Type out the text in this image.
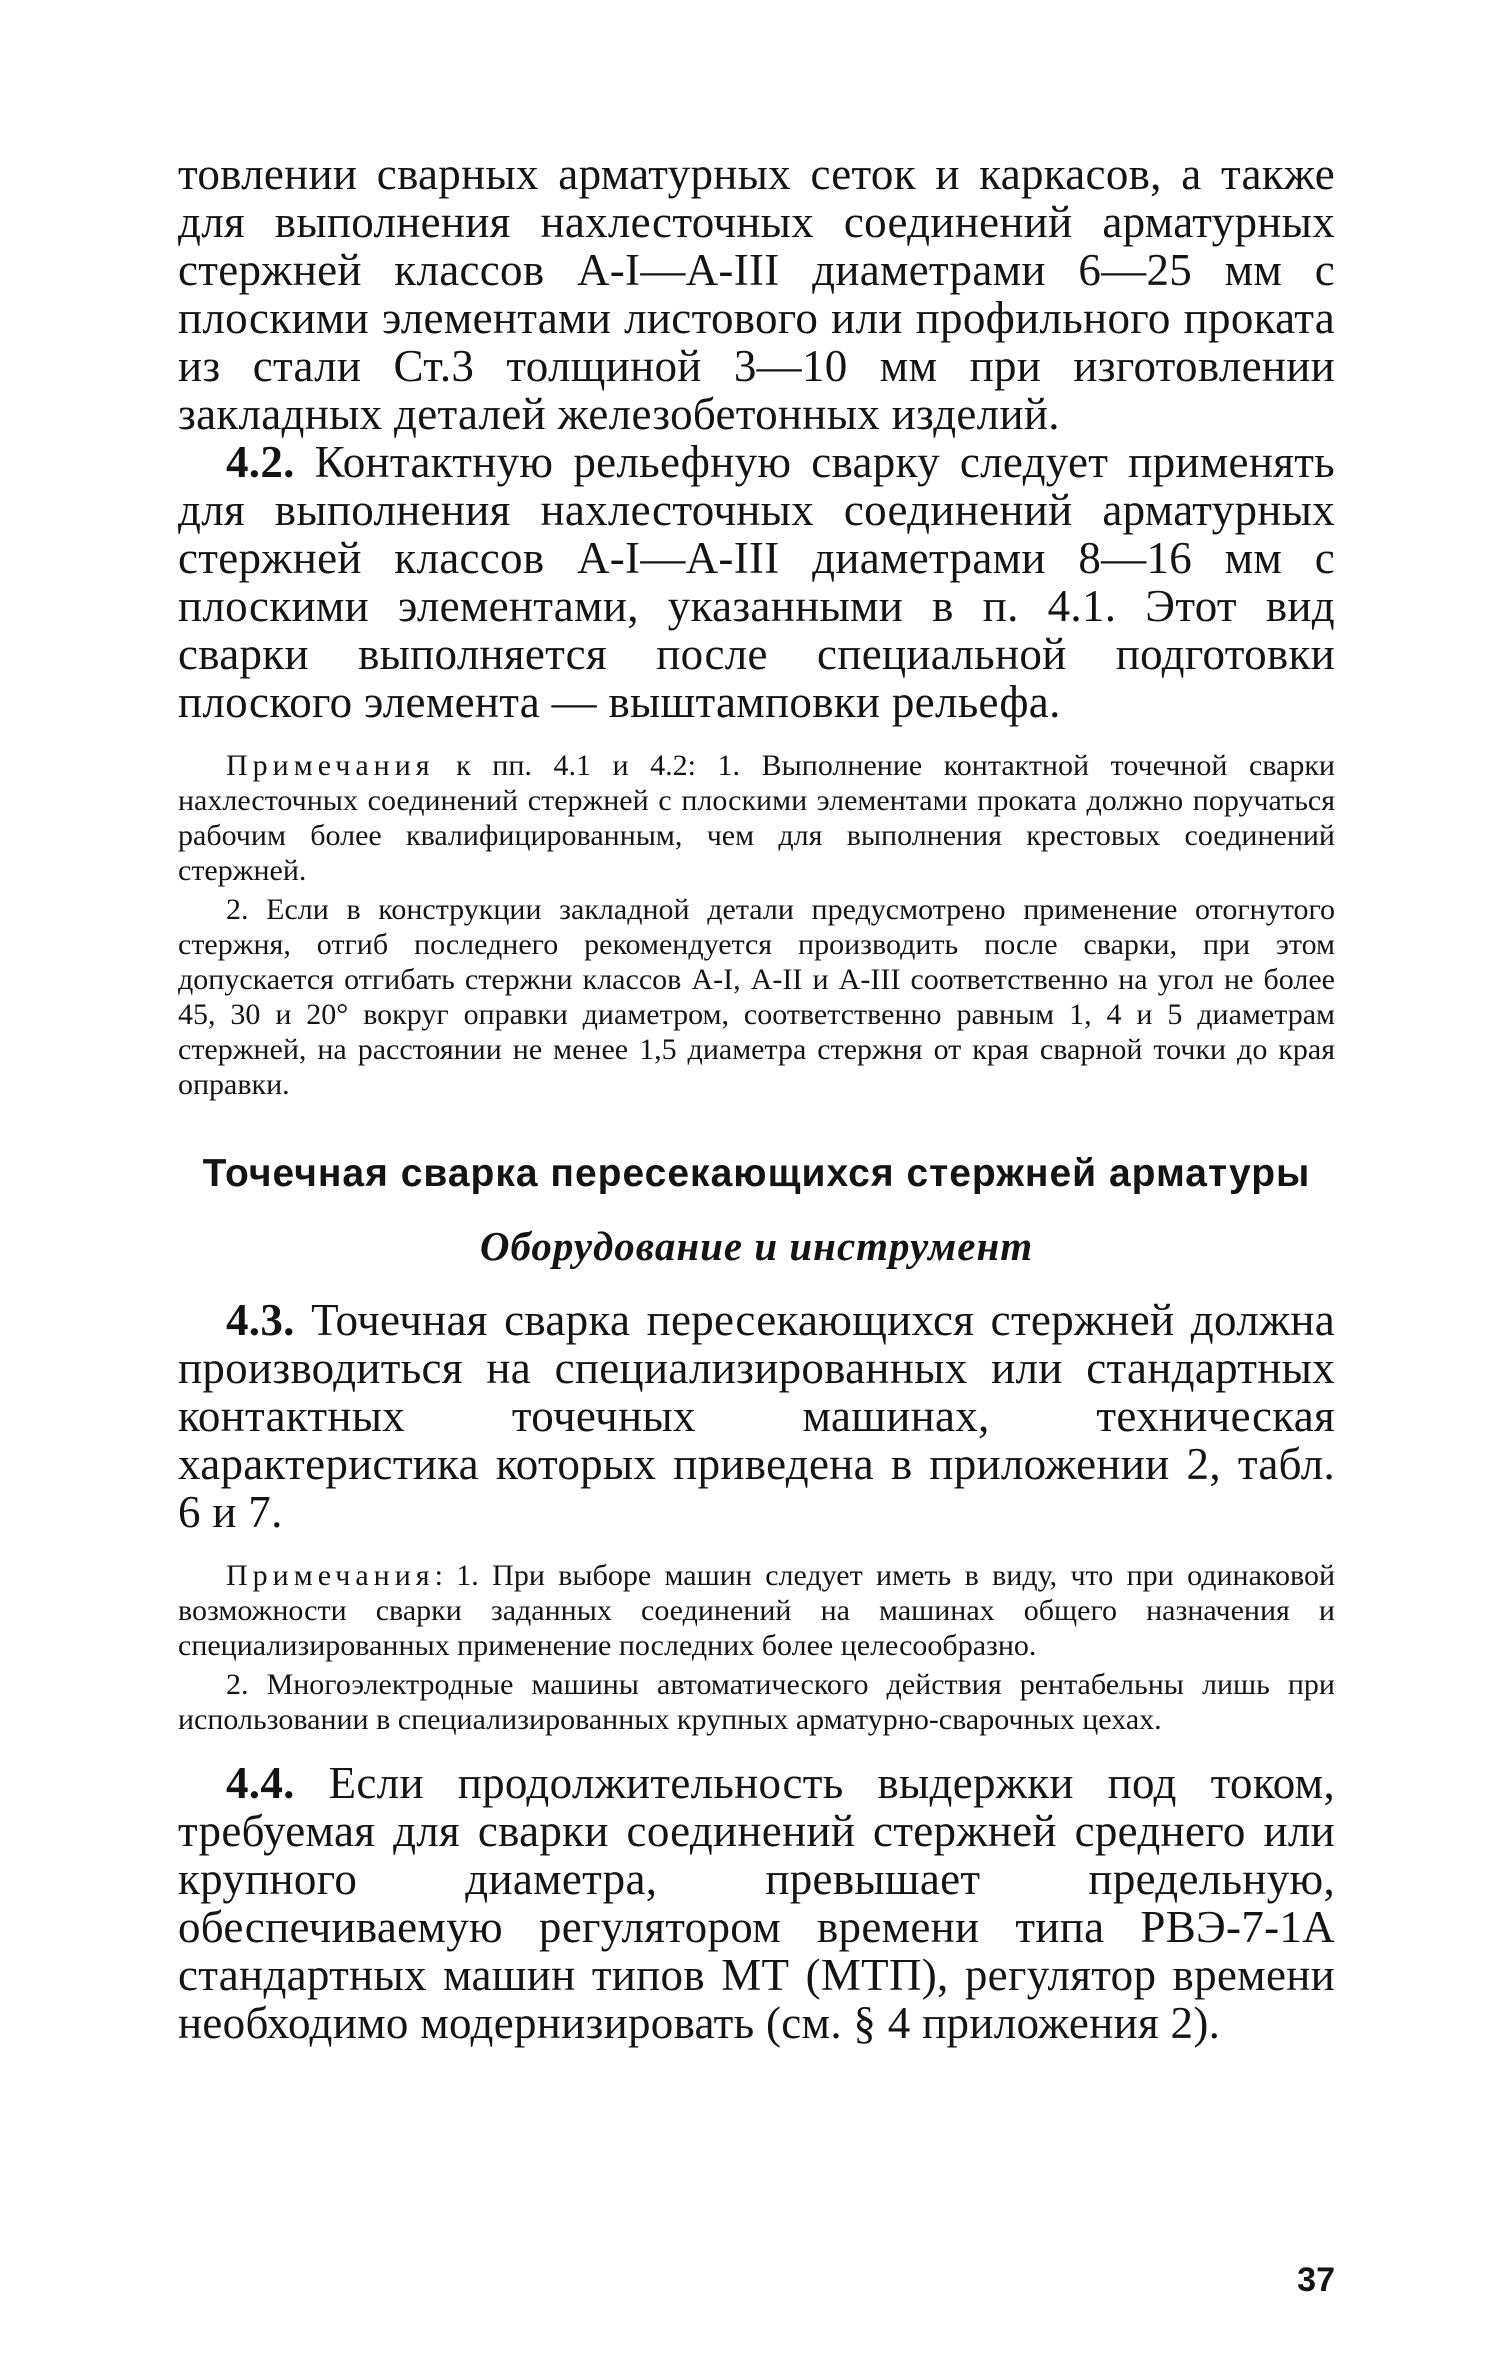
товлении сварных арматурных сеток и каркасов, а также для выполнения нахлесточных соединений арматурных стержней классов А-I—А-III диаметрами 6—25 мм с плоскими элементами листового или профильного проката из стали Ст.3 толщиной 3—10 мм при изготовлении закладных деталей железобетонных изделий.

4.2. Контактную рельефную сварку следует применять для выполнения нахлесточных соединений арматурных стержней классов А-I—А-III диаметрами 8—16 мм с плоскими элементами, указанными в п. 4.1. Этот вид сварки выполняется после специальной подготовки плоского элемента — выштамповки рельефа.

Примечания к пп. 4.1 и 4.2: 1. Выполнение контактной точечной сварки нахлесточных соединений стержней с плоскими элементами проката должно поручаться рабочим более квалифицированным, чем для выполнения крестовых соединений стержней.

2. Если в конструкции закладной детали предусмотрено применение отогнутого стержня, отгиб последнего рекомендуется производить после сварки, при этом допускается отгибать стержни классов А-I, А-II и А-III соответственно на угол не более 45, 30 и 20° вокруг оправки диаметром, соответственно равным 1, 4 и 5 диаметрам стержней, на расстоянии не менее 1,5 диаметра стержня от края сварной точки до края оправки.

Точечная сварка пересекающихся стержней арматуры
Оборудование и инструмент

4.3. Точечная сварка пересекающихся стержней должна производиться на специализированных или стандартных контактных точечных машинах, техническая характеристика которых приведена в приложении 2, табл. 6 и 7.

Примечания: 1. При выборе машин следует иметь в виду, что при одинаковой возможности сварки заданных соединений на машинах общего назначения и специализированных применение последних более целесообразно.

2. Многоэлектродные машины автоматического действия рентабельны лишь при использовании в специализированных крупных арматурно-сварочных цехах.

4.4. Если продолжительность выдержки под током, требуемая для сварки соединений стержней среднего или крупного диаметра, превышает предельную, обеспечиваемую регулятором времени типа РВЭ-7-1А стандартных машин типов МТ (МТП), регулятор времени необходимо модернизировать (см. § 4 приложения 2).

37
